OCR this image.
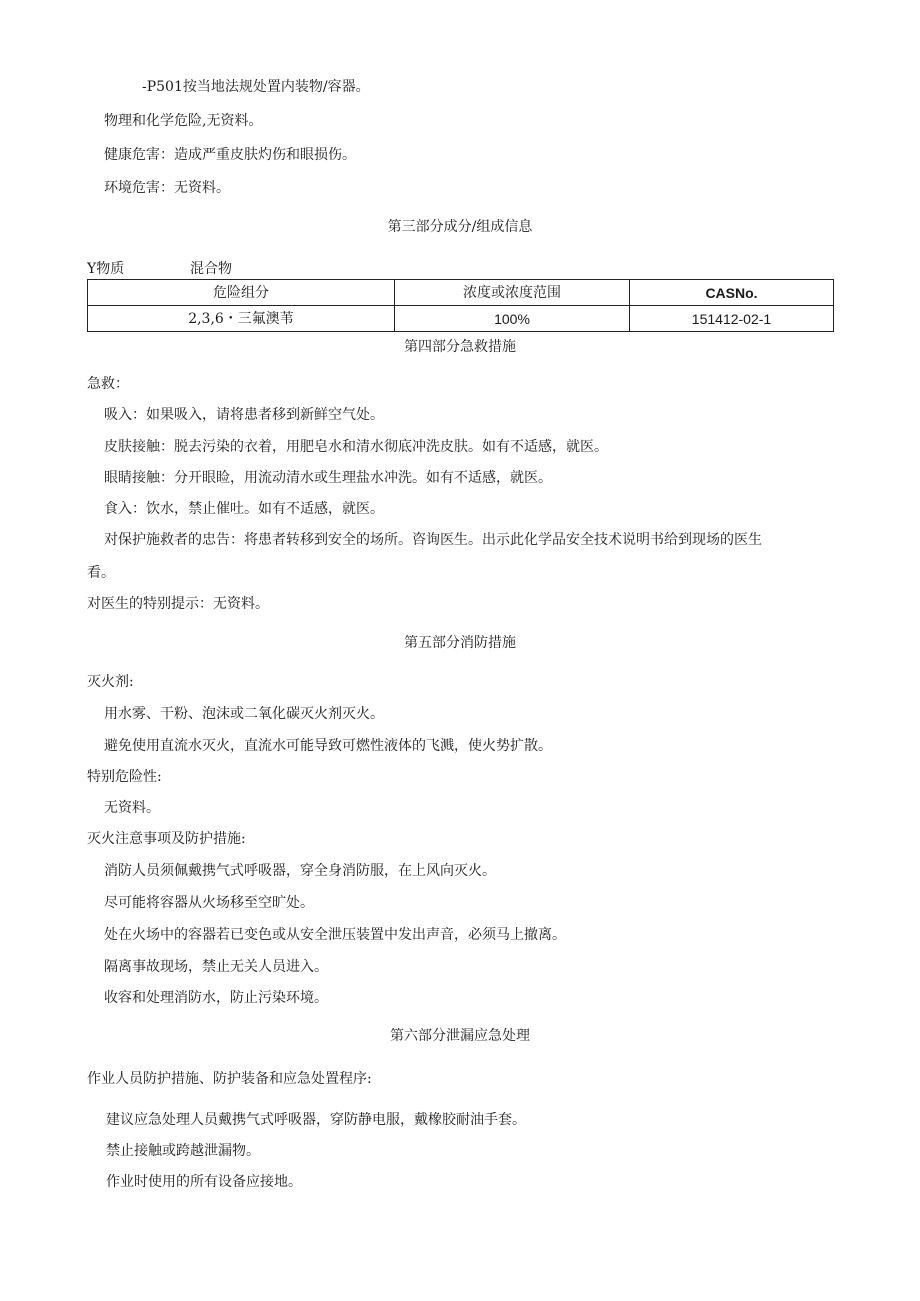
-P501按当地法规处置内装物/容器。
物理和化学危险,无资料。
健康危害：造成严重皮肤灼伤和眼损伤。
环境危害：无资料。
第三部分成分/组成信息
Y物质	混合物
危险组分	浓度或浓度范围	CASNo.
2,3,6・三氟澳苇	100%	151412-02-1
第四部分急救措施
急救：
吸入：如果吸入，请将患者移到新鲜空气处。
皮肤接触：脱去污染的衣着，用肥皂水和清水彻底冲洗皮肤。如有不适感，就医。
眼睛接触：分开眼睑，用流动清水或生理盐水冲洗。如有不适感，就医。
食入：饮水，禁止催吐。如有不适感，就医。
对保护施救者的忠告：将患者转移到安全的场所。咨询医生。出示此化学品安全技术说明书给到现场的医生
看。
对医生的特别提示：无资料。
第五部分消防措施
灭火剂:
用水雾、干粉、泡沫或二氧化碳灭火剂灭火。
避免使用直流水灭火，直流水可能导致可燃性液体的飞溅，使火势扩散。
特别危险性:
无资料。
灭火注意事项及防护措施:
消防人员须佩戴携气式呼吸器，穿全身消防服，在上风向灭火。
尽可能将容器从火场移至空旷处。
处在火场中的容器若已变色或从安全泄压装置中发出声音，必须马上撤离。
隔离事故现场，禁止无关人员进入。
收容和处理消防水，防止污染环境。
第六部分泄漏应急处理
作业人员防护措施、防护装备和应急处置程序:
建议应急处理人员戴携气式呼吸器，穿防静电服，戴橡胶耐油手套。
禁止接触或跨越泄漏物。
作业时使用的所有设备应接地。
